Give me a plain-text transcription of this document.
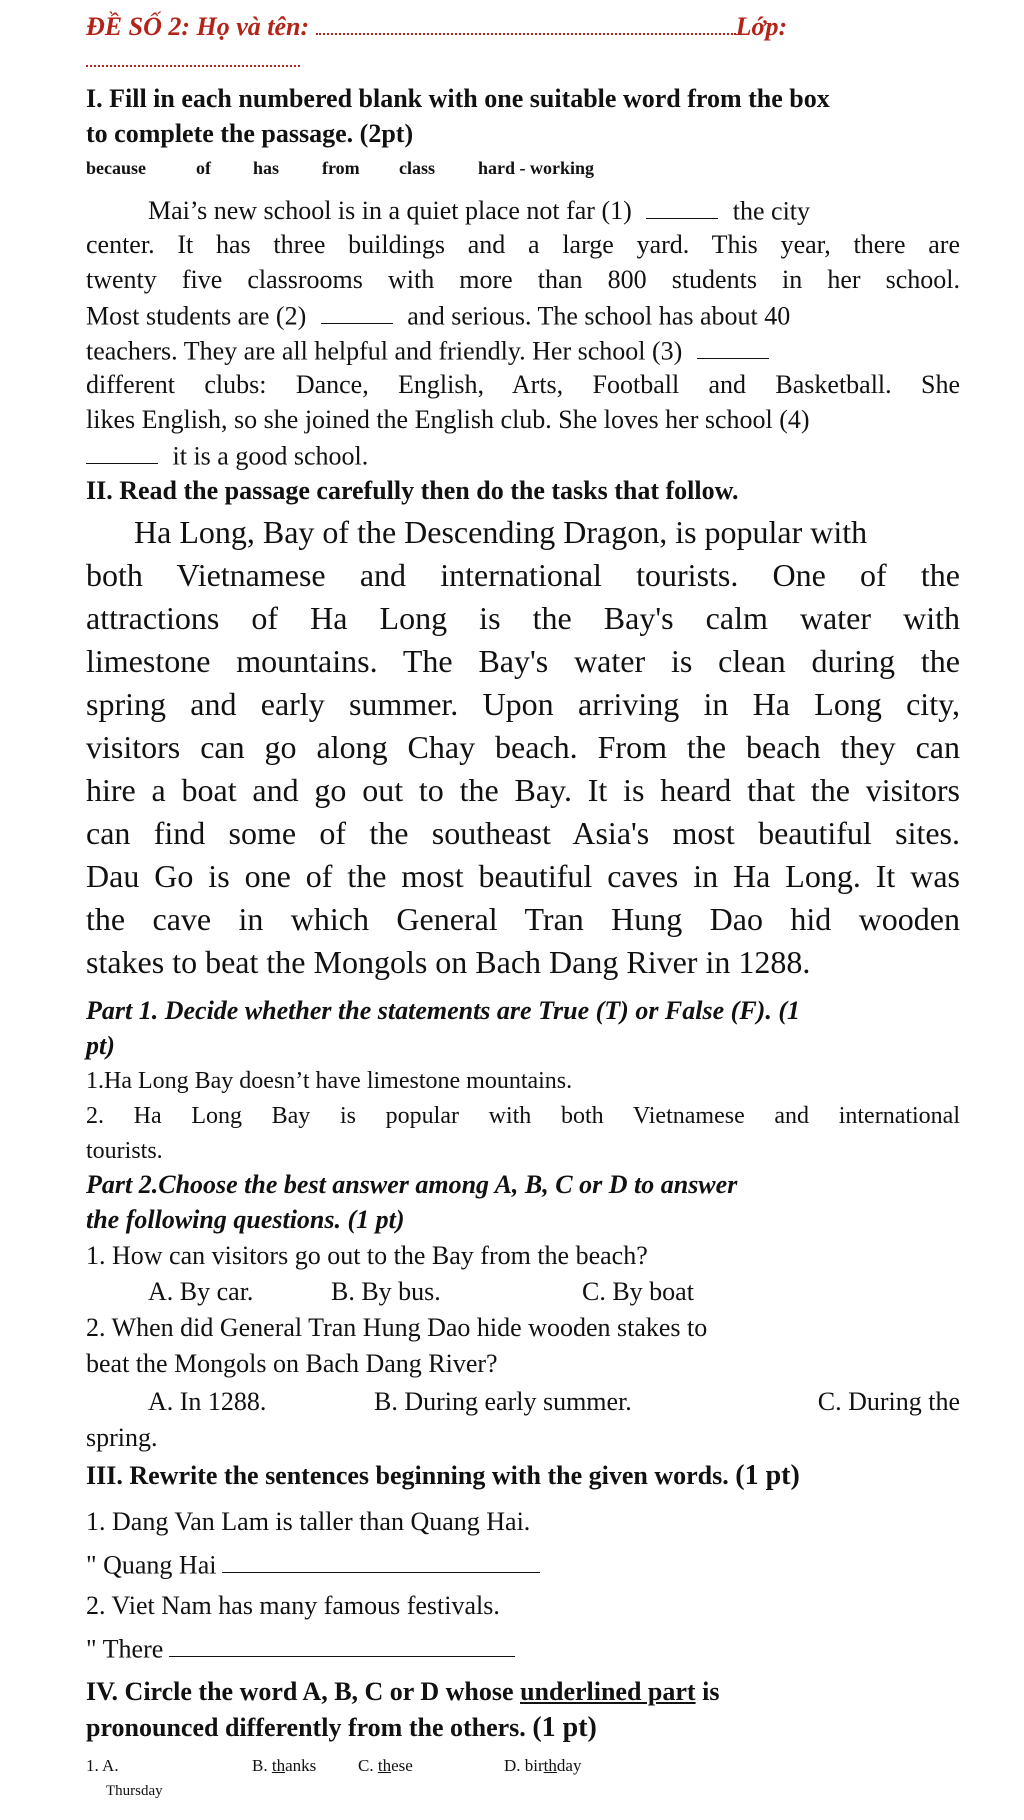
ĐỀ SỐ 2: Họ và tên:	Lớp:
I. Fill in each numbered blank with one suitable word from the box
to complete the passage. (2pt)
because	of has from class hard - working
Mai’s new school is in a quiet place not far (1)	the city
center. It has three buildings and a large yard. This year, there are
twenty five classrooms with more than 800 students in her school.
Most students are (2)	and serious. The school has about 40
teachers. They are all helpful and friendly. Her school (3)
different clubs: Dance, English, Arts, Football and Basketball. She
likes English, so she joined the English club. She loves her school (4)
it is a good school.
II. Read the passage carefully then do the tasks that follow.
Ha Long, Bay of the Descending Dragon, is popular with
both Vietnamese and international tourists. One of the
attractions of Ha Long is the Bay's calm water with
limestone mountains. The Bay's water is clean during the
spring and early summer. Upon arriving in Ha Long city,
visitors can go along Chay beach. From the beach they can
hire a boat and go out to the Bay. It is heard that the visitors
can find some of the southeast Asia's most beautiful sites.
Dau Go is one of the most beautiful caves in Ha Long. It was
the cave in which General Tran Hung Dao hid wooden
stakes to beat the Mongols on Bach Dang River in 1288.
Part 1. Decide whether the statements are True (T) or False (F). (1
pt)
1.Ha Long Bay doesn’t have limestone mountains.
2. Ha Long Bay is popular with both Vietnamese and international
tourists.
Part 2.Choose the best answer among A, B, C or D to answer
the following questions. (1 pt)
1. How can visitors go out to the Bay from the beach?
A. By car.	B. By bus.	C. By boat
2. When did General Tran Hung Dao hide wooden stakes to
beat the Mongols on Bach Dang River?
A. In 1288.	B. During early summer.	C. During the
spring.
III. Rewrite the sentences beginning with the given words. (1 pt)
1. Dang Van Lam is taller than Quang Hai.
" Quang Hai
2. Viet Nam has many famous festivals.
" There
IV. Circle the word A, B, C or D whose underlined part is
pronounced differently from the others. (1 pt)
1. A.	B. thanks C. these	D. birthday
Thursday
